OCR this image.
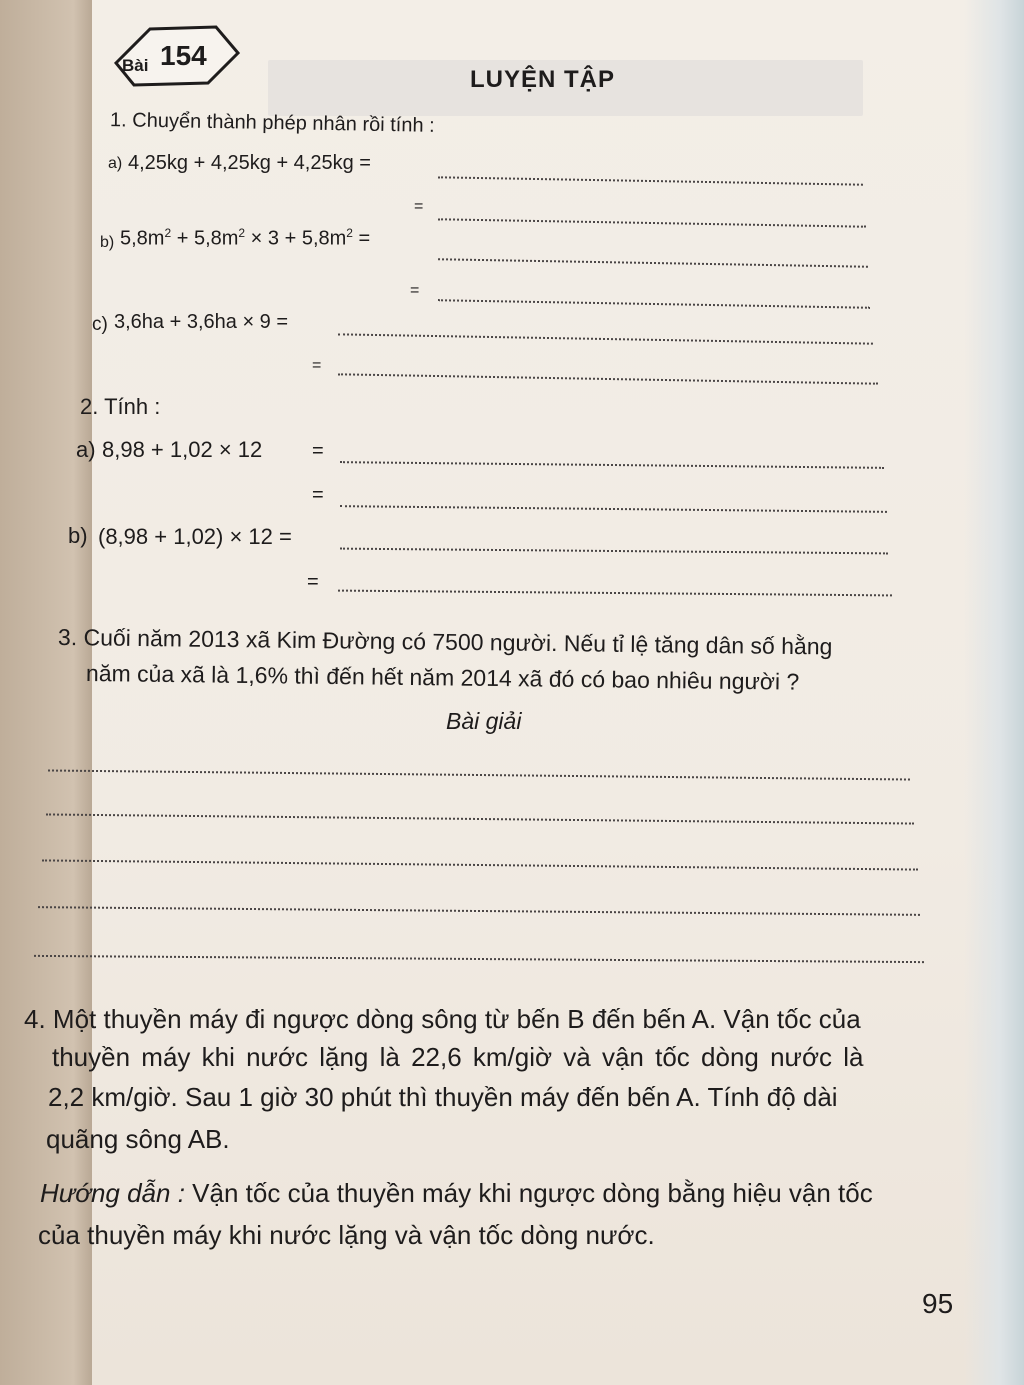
Bài 154
LUYỆN TẬP
1. Chuyển thành phép nhân rồi tính :
a) 4,25kg + 4,25kg + 4,25kg =
=
b) $5,8m^2 + 5,8m^2 \times 3 + 5,8m^2$ =
=
c) 3,6ha + 3,6ha × 9 =
=
2. Tính :
a) 8,98 + 1,02 × 12 =
=
b) (8,98 + 1,02) × 12 =
=
3. Cuối năm 2013 xã Kim Đường có 7500 người. Nếu tỉ lệ tăng dân số hằng
năm của xã là 1,6% thì đến hết năm 2014 xã đó có bao nhiêu người ?
Bài giải
4. Một thuyền máy đi ngược dòng sông từ bến B đến bến A. Vận tốc của
thuyền máy khi nước lặng là 22,6 km/giờ và vận tốc dòng nước là
2,2 km/giờ. Sau 1 giờ 30 phút thì thuyền máy đến bến A. Tính độ dài
quãng sông AB.
Hướng dẫn : Vận tốc của thuyền máy khi ngược dòng bằng hiệu vận tốc
của thuyền máy khi nước lặng và vận tốc dòng nước.
95
